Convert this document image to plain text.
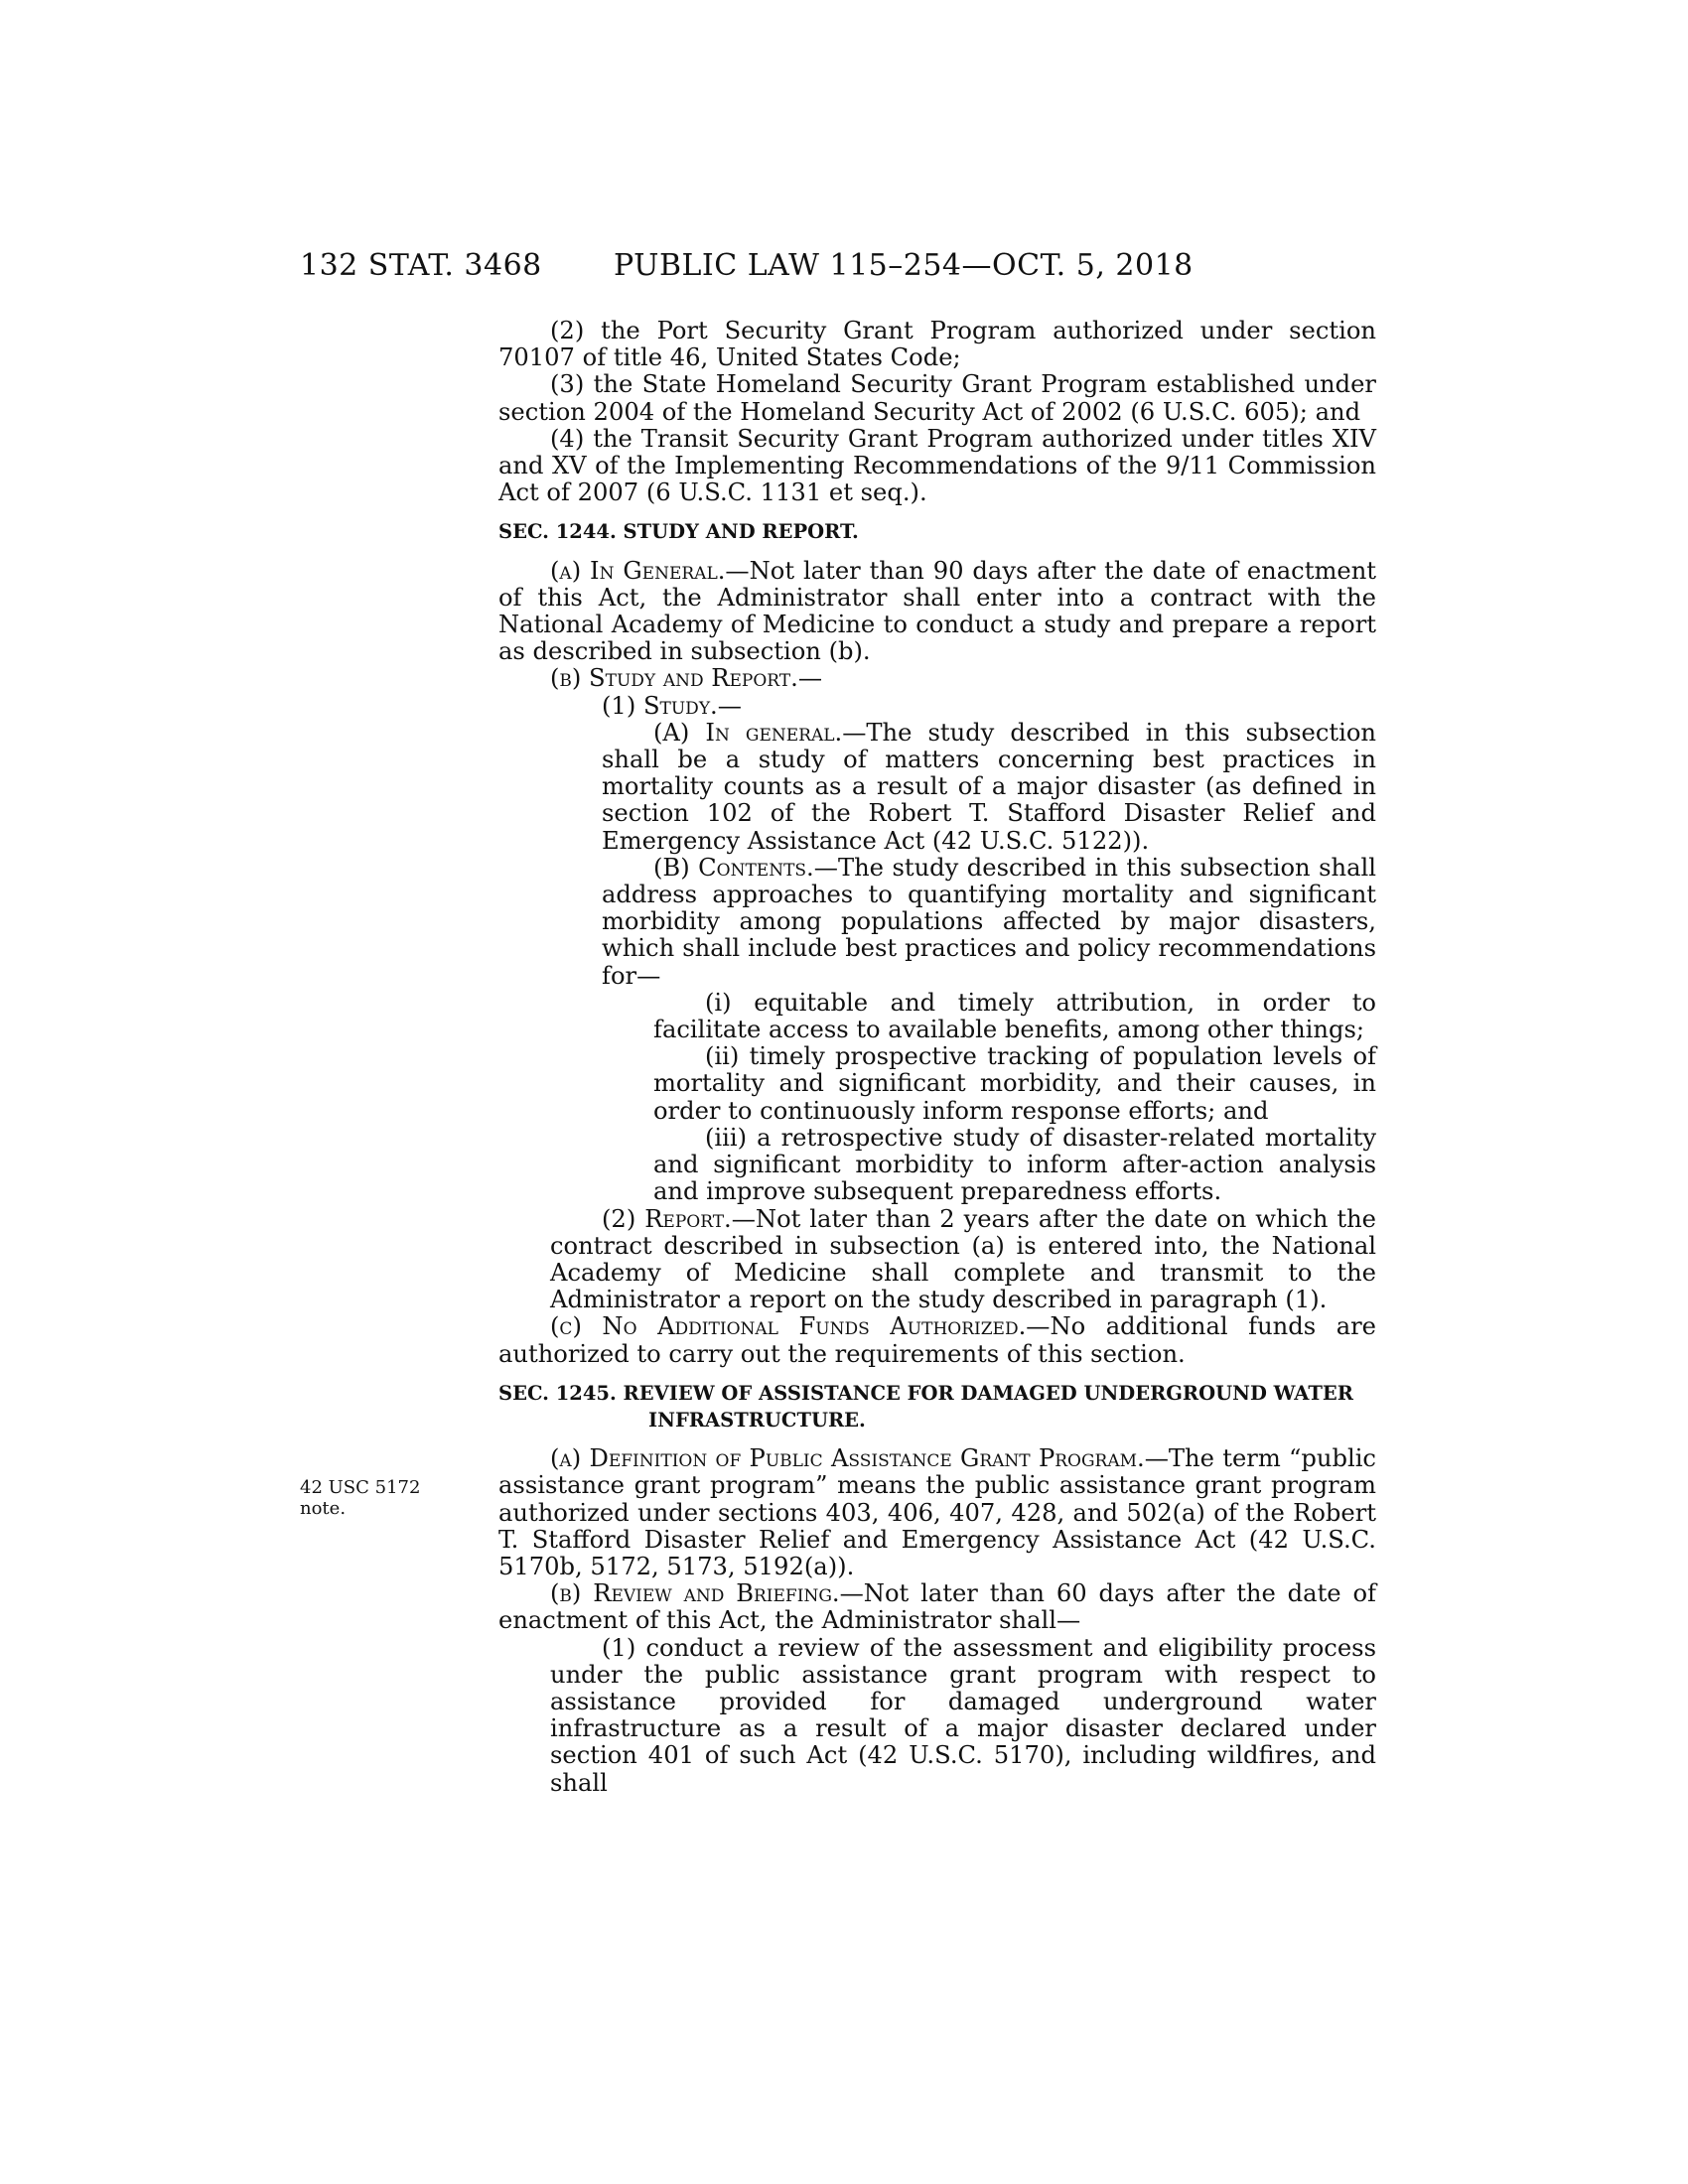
132 STAT. 3468 PUBLIC LAW 115–254—OCT. 5, 2018
42 USC 5172
note.

(2) the Port Security Grant Program authorized under section 70107 of title 46, United States Code;

(3) the State Homeland Security Grant Program established under section 2004 of the Homeland Security Act of 2002 (6 U.S.C. 605); and

(4) the Transit Security Grant Program authorized under titles XIV and XV of the Implementing Recommendations of the 9/11 Commission Act of 2007 (6 U.S.C. 1131 et seq.).

SEC. 1244. STUDY AND REPORT.

(a) In General.—Not later than 90 days after the date of enactment of this Act, the Administrator shall enter into a contract with the National Academy of Medicine to conduct a study and prepare a report as described in subsection (b).

(b) Study and Report.—

(1) Study.—

(A) In general.—The study described in this subsection shall be a study of matters concerning best practices in mortality counts as a result of a major disaster (as defined in section 102 of the Robert T. Stafford Disaster Relief and Emergency Assistance Act (42 U.S.C. 5122)).

(B) Contents.—The study described in this subsection shall address approaches to quantifying mortality and significant morbidity among populations affected by major disasters, which shall include best practices and policy recommendations for—

(i) equitable and timely attribution, in order to facilitate access to available benefits, among other things;

(ii) timely prospective tracking of population levels of mortality and significant morbidity, and their causes, in order to continuously inform response efforts; and

(iii) a retrospective study of disaster-related mortality and significant morbidity to inform after-action analysis and improve subsequent preparedness efforts.

(2) Report.—Not later than 2 years after the date on which the contract described in subsection (a) is entered into, the National Academy of Medicine shall complete and transmit to the Administrator a report on the study described in paragraph (1).

(c) No Additional Funds Authorized.—No additional funds are authorized to carry out the requirements of this section.

SEC. 1245. REVIEW OF ASSISTANCE FOR DAMAGED UNDERGROUND WATER INFRASTRUCTURE.

(a) Definition of Public Assistance Grant Program.—The term “public assistance grant program” means the public assistance grant program authorized under sections 403, 406, 407, 428, and 502(a) of the Robert T. Stafford Disaster Relief and Emergency Assistance Act (42 U.S.C. 5170b, 5172, 5173, 5192(a)).

(b) Review and Briefing.—Not later than 60 days after the date of enactment of this Act, the Administrator shall—

(1) conduct a review of the assessment and eligibility process under the public assistance grant program with respect to assistance provided for damaged underground water infrastructure as a result of a major disaster declared under section 401 of such Act (42 U.S.C. 5170), including wildfires, and shall
